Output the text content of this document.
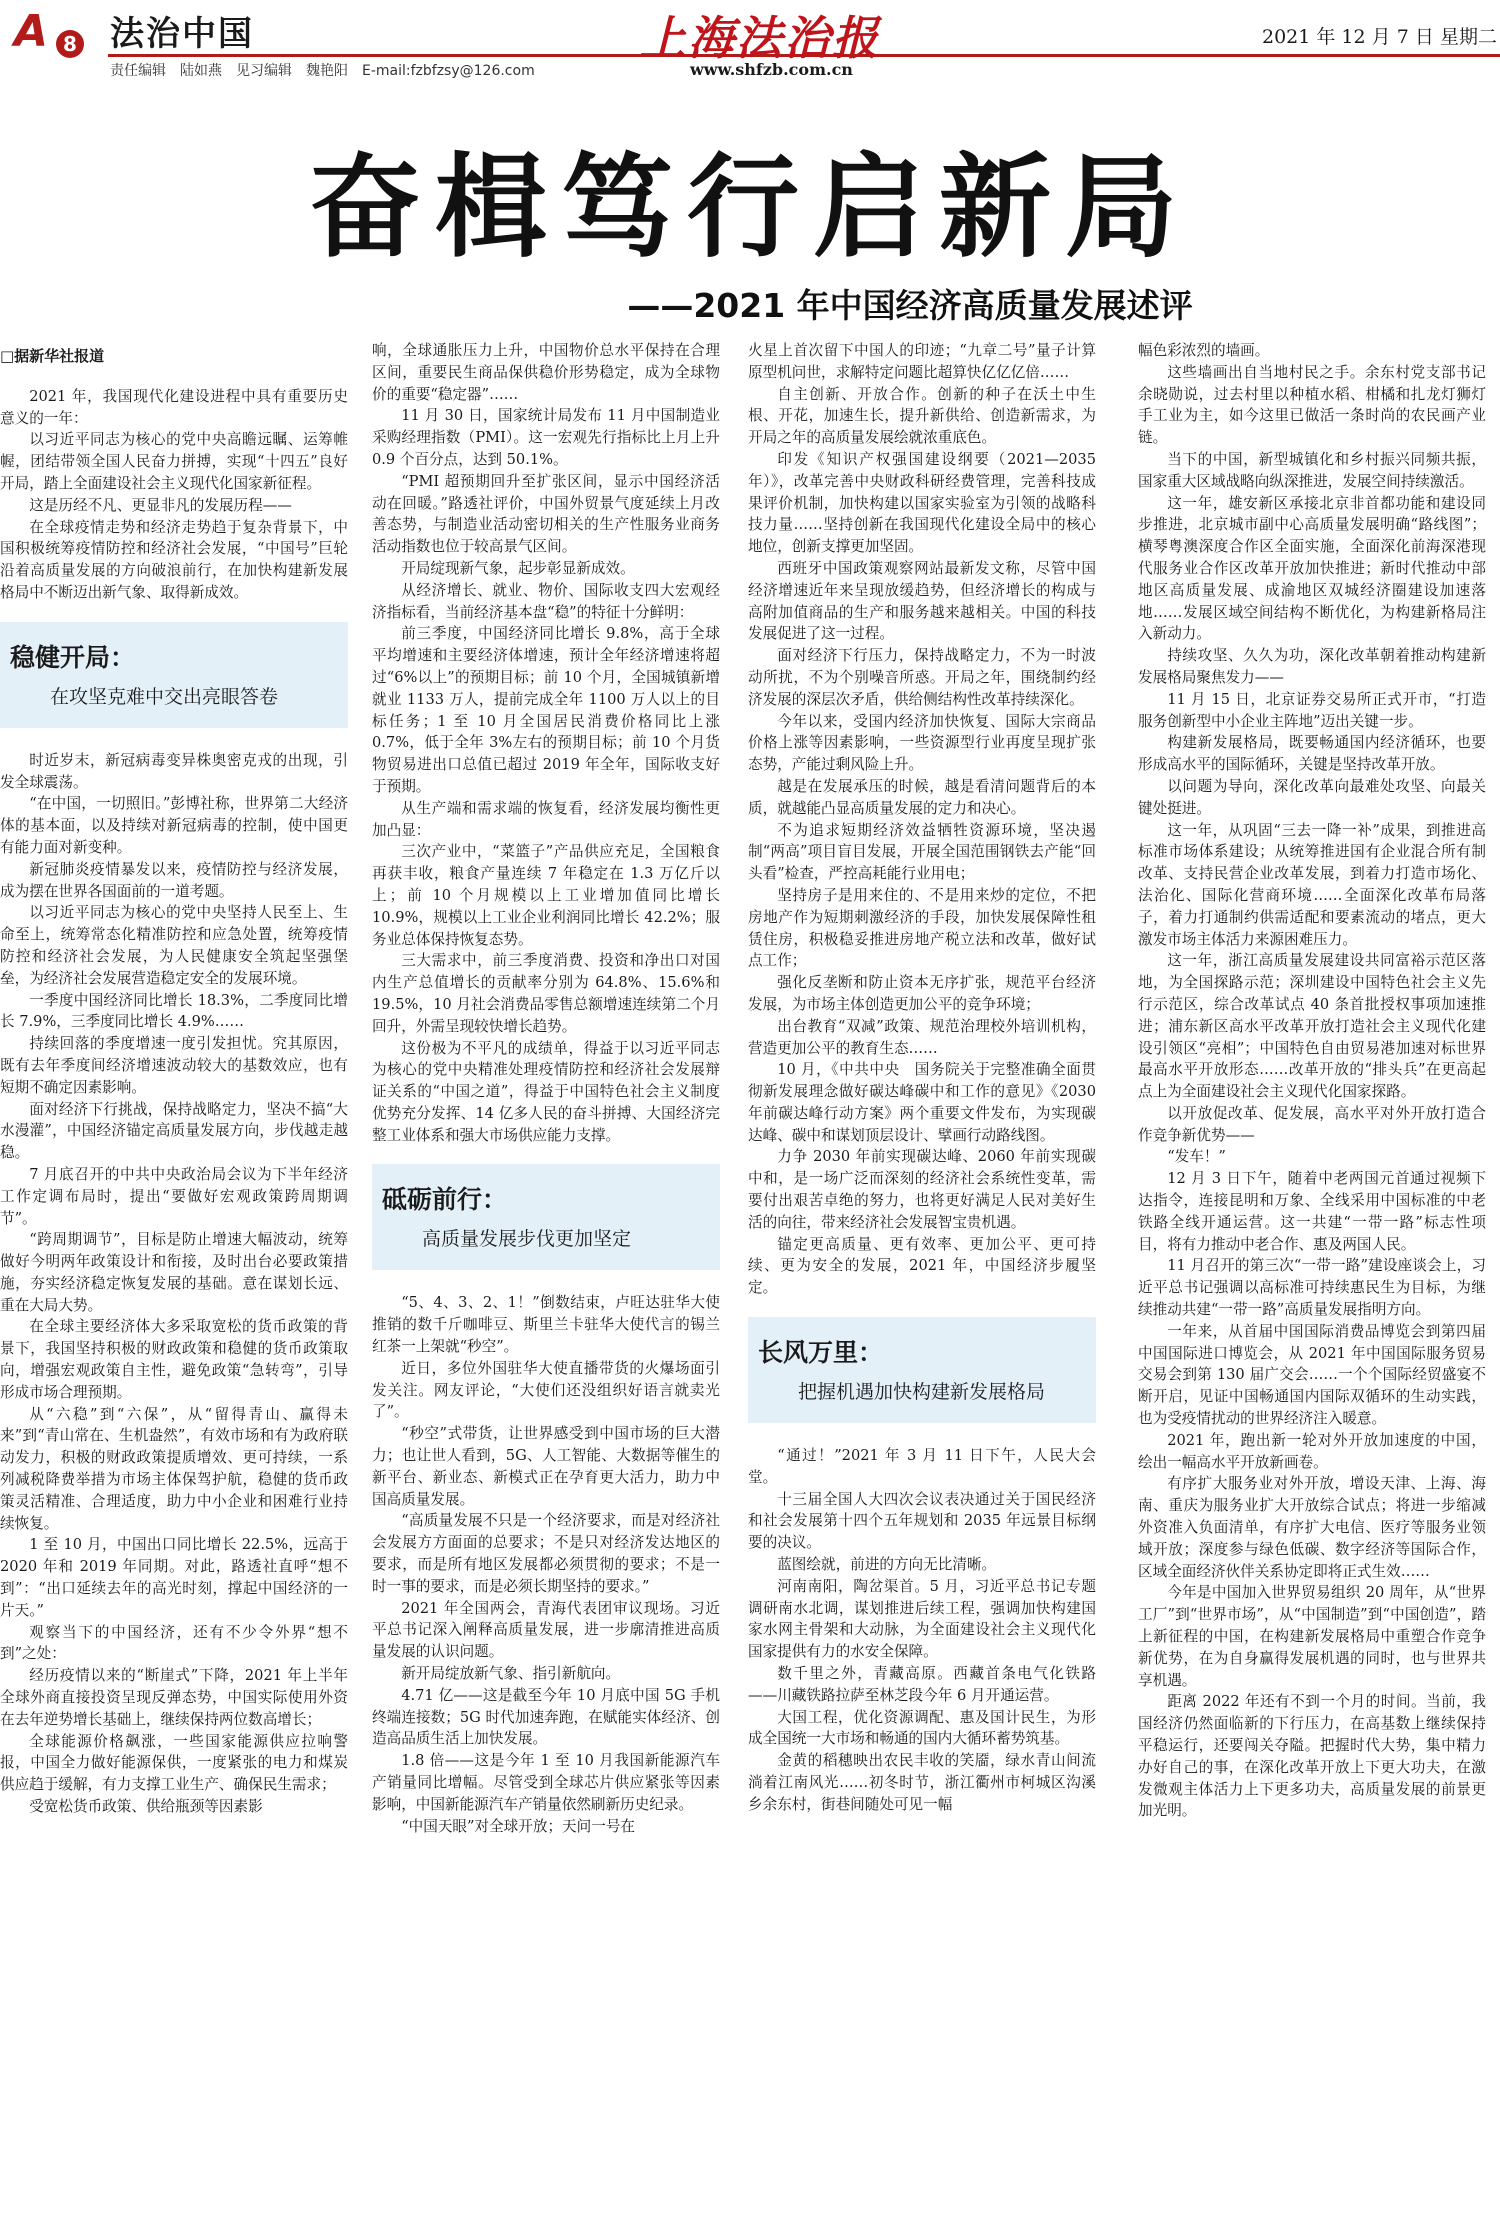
A 8 法治中国
责任编辑　陆如燕　见习编辑　魏艳阳　E-mail:fzbfzsy@126.com
上海法治报
www.shfzb.com.cn
2021 年 12 月 7 日 星期二
奋楫笃行启新局
——2021 年中国经济高质量发展述评

□据新华社报道

2021 年，我国现代化建设进程中具有重要历史意义的一年：

以习近平同志为核心的党中央高瞻远瞩、运筹帷幄，团结带领全国人民奋力拼搏，实现“十四五”良好开局，踏上全面建设社会主义现代化国家新征程。

这是历经不凡、更显非凡的发展历程——

在全球疫情走势和经济走势趋于复杂背景下，中国积极统筹疫情防控和经济社会发展，“中国号”巨轮沿着高质量发展的方向破浪前行，在加快构建新发展格局中不断迈出新气象、取得新成效。

稳健开局：

在攻坚克难中交出亮眼答卷

时近岁末，新冠病毒变异株奥密克戎的出现，引发全球震荡。

“在中国，一切照旧。”彭博社称，世界第二大经济体的基本面，以及持续对新冠病毒的控制，使中国更有能力面对新变种。

新冠肺炎疫情暴发以来，疫情防控与经济发展，成为摆在世界各国面前的一道考题。

以习近平同志为核心的党中央坚持人民至上、生命至上，统筹常态化精准防控和应急处置，统筹疫情防控和经济社会发展，为人民健康安全筑起坚强堡垒，为经济社会发展营造稳定安全的发展环境。

一季度中国经济同比增长 18.3%，二季度同比增长 7.9%，三季度同比增长 4.9%……

持续回落的季度增速一度引发担忧。究其原因，既有去年季度间经济增速波动较大的基数效应，也有短期不确定因素影响。

面对经济下行挑战，保持战略定力，坚决不搞“大水漫灌”，中国经济锚定高质量发展方向，步伐越走越稳。

7 月底召开的中共中央政治局会议为下半年经济工作定调布局时，提出“要做好宏观政策跨周期调节”。

“跨周期调节”，目标是防止增速大幅波动，统筹做好今明两年政策设计和衔接，及时出台必要政策措施，夯实经济稳定恢复发展的基础。意在谋划长远、重在大局大势。

在全球主要经济体大多采取宽松的货币政策的背景下，我国坚持积极的财政政策和稳健的货币政策取向，增强宏观政策自主性，避免政策“急转弯”，引导形成市场合理预期。

从“六稳”到“六保”，从“留得青山、赢得未来”到“青山常在、生机盎然”，有效市场和有为政府联动发力，积极的财政政策提质增效、更可持续，一系列减税降费举措为市场主体保驾护航，稳健的货币政策灵活精准、合理适度，助力中小企业和困难行业持续恢复。

1 至 10 月，中国出口同比增长 22.5%，远高于 2020 年和 2019 年同期。对此，路透社直呼“想不到”：“出口延续去年的高光时刻，撑起中国经济的一片天。”

观察当下的中国经济，还有不少令外界“想不到”之处：

经历疫情以来的“断崖式”下降，2021 年上半年全球外商直接投资呈现反弹态势，中国实际使用外资在去年逆势增长基础上，继续保持两位数高增长；

全球能源价格飙涨，一些国家能源供应拉响警报，中国全力做好能源保供，一度紧张的电力和煤炭供应趋于缓解，有力支撑工业生产、确保民生需求；

受宽松货币政策、供给瓶颈等因素影

响，全球通胀压力上升，中国物价总水平保持在合理区间，重要民生商品保供稳价形势稳定，成为全球物价的重要“稳定器”……

11 月 30 日，国家统计局发布 11 月中国制造业采购经理指数（PMI）。这一宏观先行指标比上月上升 0.9 个百分点，达到 50.1%。

“PMI 超预期回升至扩张区间，显示中国经济活动在回暖。”路透社评价，中国外贸景气度延续上月改善态势，与制造业活动密切相关的生产性服务业商务活动指数也位于较高景气区间。

开局绽现新气象，起步彰显新成效。

从经济增长、就业、物价、国际收支四大宏观经济指标看，当前经济基本盘“稳”的特征十分鲜明：

前三季度，中国经济同比增长 9.8%，高于全球平均增速和主要经济体增速，预计全年经济增速将超过“6%以上”的预期目标；前 10 个月，全国城镇新增就业 1133 万人，提前完成全年 1100 万人以上的目标任务；1 至 10 月全国居民消费价格同比上涨 0.7%，低于全年 3%左右的预期目标；前 10 个月货物贸易进出口总值已超过 2019 年全年，国际收支好于预期。

从生产端和需求端的恢复看，经济发展均衡性更加凸显：

三次产业中，“菜篮子”产品供应充足，全国粮食再获丰收，粮食产量连续 7 年稳定在 1.3 万亿斤以上；前 10 个月规模以上工业增加值同比增长 10.9%，规模以上工业企业利润同比增长 42.2%；服务业总体保持恢复态势。

三大需求中，前三季度消费、投资和净出口对国内生产总值增长的贡献率分别为 64.8%、15.6%和 19.5%，10 月社会消费品零售总额增速连续第二个月回升，外需呈现较快增长趋势。

这份极为不平凡的成绩单，得益于以习近平同志为核心的党中央精准处理疫情防控和经济社会发展辩证关系的“中国之道”，得益于中国特色社会主义制度优势充分发挥、14 亿多人民的奋斗拼搏、大国经济完整工业体系和强大市场供应能力支撑。

砥砺前行：

高质量发展步伐更加坚定

“5、4、3、2、1！”倒数结束，卢旺达驻华大使推销的数千斤咖啡豆、斯里兰卡驻华大使代言的锡兰红茶一上架就“秒空”。

近日，多位外国驻华大使直播带货的火爆场面引发关注。网友评论，“大使们还没组织好语言就卖光了”。

“秒空”式带货，让世界感受到中国市场的巨大潜力；也让世人看到，5G、人工智能、大数据等催生的新平台、新业态、新模式正在孕育更大活力，助力中国高质量发展。

“高质量发展不只是一个经济要求，而是对经济社会发展方方面面的总要求；不是只对经济发达地区的要求，而是所有地区发展都必须贯彻的要求；不是一时一事的要求，而是必须长期坚持的要求。”

2021 年全国两会，青海代表团审议现场。习近平总书记深入阐释高质量发展，进一步廓清推进高质量发展的认识问题。

新开局绽放新气象、指引新航向。

4.71 亿——这是截至今年 10 月底中国 5G 手机终端连接数；5G 时代加速奔跑，在赋能实体经济、创造高品质生活上加快发展。

1.8 倍——这是今年 1 至 10 月我国新能源汽车产销量同比增幅。尽管受到全球芯片供应紧张等因素影响，中国新能源汽车产销量依然刷新历史纪录。

“中国天眼”对全球开放；天问一号在

火星上首次留下中国人的印迹；“九章二号”量子计算原型机问世，求解特定问题比超算快亿亿亿倍……

自主创新、开放合作。创新的种子在沃土中生根、开花，加速生长，提升新供给、创造新需求，为开局之年的高质量发展绘就浓重底色。

印发《知识产权强国建设纲要（2021—2035 年）》，改革完善中央财政科研经费管理，完善科技成果评价机制，加快构建以国家实验室为引领的战略科技力量……坚持创新在我国现代化建设全局中的核心地位，创新支撑更加坚固。

西班牙中国政策观察网站最新发文称，尽管中国经济增速近年来呈现放缓趋势，但经济增长的构成与高附加值商品的生产和服务越来越相关。中国的科技发展促进了这一过程。

面对经济下行压力，保持战略定力，不为一时波动所扰，不为个别噪音所惑。开局之年，围绕制约经济发展的深层次矛盾，供给侧结构性改革持续深化。

今年以来，受国内经济加快恢复、国际大宗商品价格上涨等因素影响，一些资源型行业再度呈现扩张态势，产能过剩风险上升。

越是在发展承压的时候，越是看清问题背后的本质，就越能凸显高质量发展的定力和决心。

不为追求短期经济效益牺牲资源环境，坚决遏制“两高”项目盲目发展，开展全国范围钢铁去产能“回头看”检查，严控高耗能行业用电；

坚持房子是用来住的、不是用来炒的定位，不把房地产作为短期刺激经济的手段，加快发展保障性租赁住房，积极稳妥推进房地产税立法和改革，做好试点工作；

强化反垄断和防止资本无序扩张，规范平台经济发展，为市场主体创造更加公平的竞争环境；

出台教育“双减”政策、规范治理校外培训机构，营造更加公平的教育生态……

10 月，《中共中央　国务院关于完整准确全面贯彻新发展理念做好碳达峰碳中和工作的意见》《2030 年前碳达峰行动方案》两个重要文件发布，为实现碳达峰、碳中和谋划顶层设计、擘画行动路线图。

力争 2030 年前实现碳达峰、2060 年前实现碳中和，是一场广泛而深刻的经济社会系统性变革，需要付出艰苦卓绝的努力，也将更好满足人民对美好生活的向往，带来经济社会发展智宝贵机遇。

锚定更高质量、更有效率、更加公平、更可持续、更为安全的发展，2021 年，中国经济步履坚定。

长风万里：

把握机遇加快构建新发展格局

“通过！”2021 年 3 月 11 日下午，人民大会堂。

十三届全国人大四次会议表决通过关于国民经济和社会发展第十四个五年规划和 2035 年远景目标纲要的决议。

蓝图绘就，前进的方向无比清晰。

河南南阳，陶岔渠首。5 月，习近平总书记专题调研南水北调，谋划推进后续工程，强调加快构建国家水网主骨架和大动脉，为全面建设社会主义现代化国家提供有力的水安全保障。

数千里之外，青藏高原。西藏首条电气化铁路——川藏铁路拉萨至林芝段今年 6 月开通运营。

大国工程，优化资源调配、惠及国计民生，为形成全国统一大市场和畅通的国内大循环蓄势筑基。

金黄的稻穗映出农民丰收的笑靥，绿水青山间流淌着江南风光……初冬时节，浙江衢州市柯城区沟溪乡余东村，街巷间随处可见一幅

幅色彩浓烈的墙画。

这些墙画出自当地村民之手。余东村党支部书记余晓勋说，过去村里以种植水稻、柑橘和扎龙灯狮灯手工业为主，如今这里已做活一条时尚的农民画产业链。

当下的中国，新型城镇化和乡村振兴同频共振，国家重大区域战略向纵深推进，发展空间持续激活。

这一年，雄安新区承接北京非首都功能和建设同步推进，北京城市副中心高质量发展明确“路线图”；横琴粤澳深度合作区全面实施，全面深化前海深港现代服务业合作区改革开放加快推进；新时代推动中部地区高质量发展、成渝地区双城经济圈建设加速落地……发展区域空间结构不断优化，为构建新格局注入新动力。

持续攻坚、久久为功，深化改革朝着推动构建新发展格局聚焦发力——

11 月 15 日，北京证券交易所正式开市，“打造服务创新型中小企业主阵地”迈出关键一步。

构建新发展格局，既要畅通国内经济循环，也要形成高水平的国际循环，关键是坚持改革开放。

以问题为导向，深化改革向最难处攻坚、向最关键处挺进。

这一年，从巩固“三去一降一补”成果，到推进高标准市场体系建设；从统筹推进国有企业混合所有制改革、支持民营企业改革发展，到着力打造市场化、法治化、国际化营商环境……全面深化改革布局落子，着力打通制约供需适配和要素流动的堵点，更大激发市场主体活力来源困难压力。

这一年，浙江高质量发展建设共同富裕示范区落地，为全国探路示范；深圳建设中国特色社会主义先行示范区，综合改革试点 40 条首批授权事项加速推进；浦东新区高水平改革开放打造社会主义现代化建设引领区“亮相”；中国特色自由贸易港加速对标世界最高水平开放形态……改革开放的“排头兵”在更高起点上为全面建设社会主义现代化国家探路。

以开放促改革、促发展，高水平对外开放打造合作竞争新优势——

“发车！”

12 月 3 日下午，随着中老两国元首通过视频下达指令，连接昆明和万象、全线采用中国标准的中老铁路全线开通运营。这一共建“一带一路”标志性项目，将有力推动中老合作、惠及两国人民。

11 月召开的第三次“一带一路”建设座谈会上，习近平总书记强调以高标准可持续惠民生为目标，为继续推动共建“一带一路”高质量发展指明方向。

一年来，从首届中国国际消费品博览会到第四届中国国际进口博览会，从 2021 年中国国际服务贸易交易会到第 130 届广交会……一个个国际经贸盛宴不断开启，见证中国畅通国内国际双循环的生动实践，也为受疫情扰动的世界经济注入暖意。

2021 年，跑出新一轮对外开放加速度的中国，绘出一幅高水平开放新画卷。

有序扩大服务业对外开放，增设天津、上海、海南、重庆为服务业扩大开放综合试点；将进一步缩减外资准入负面清单，有序扩大电信、医疗等服务业领域开放；深度参与绿色低碳、数字经济等国际合作，区域全面经济伙伴关系协定即将正式生效……

今年是中国加入世界贸易组织 20 周年，从“世界工厂”到“世界市场”，从“中国制造”到“中国创造”，踏上新征程的中国，在构建新发展格局中重塑合作竞争新优势，在为自身赢得发展机遇的同时，也与世界共享机遇。

距离 2022 年还有不到一个月的时间。当前，我国经济仍然面临新的下行压力，在高基数上继续保持平稳运行，还要闯关夺隘。把握时代大势，集中精力办好自己的事，在深化改革开放上下更大功夫，在激发微观主体活力上下更多功夫，高质量发展的前景更加光明。
